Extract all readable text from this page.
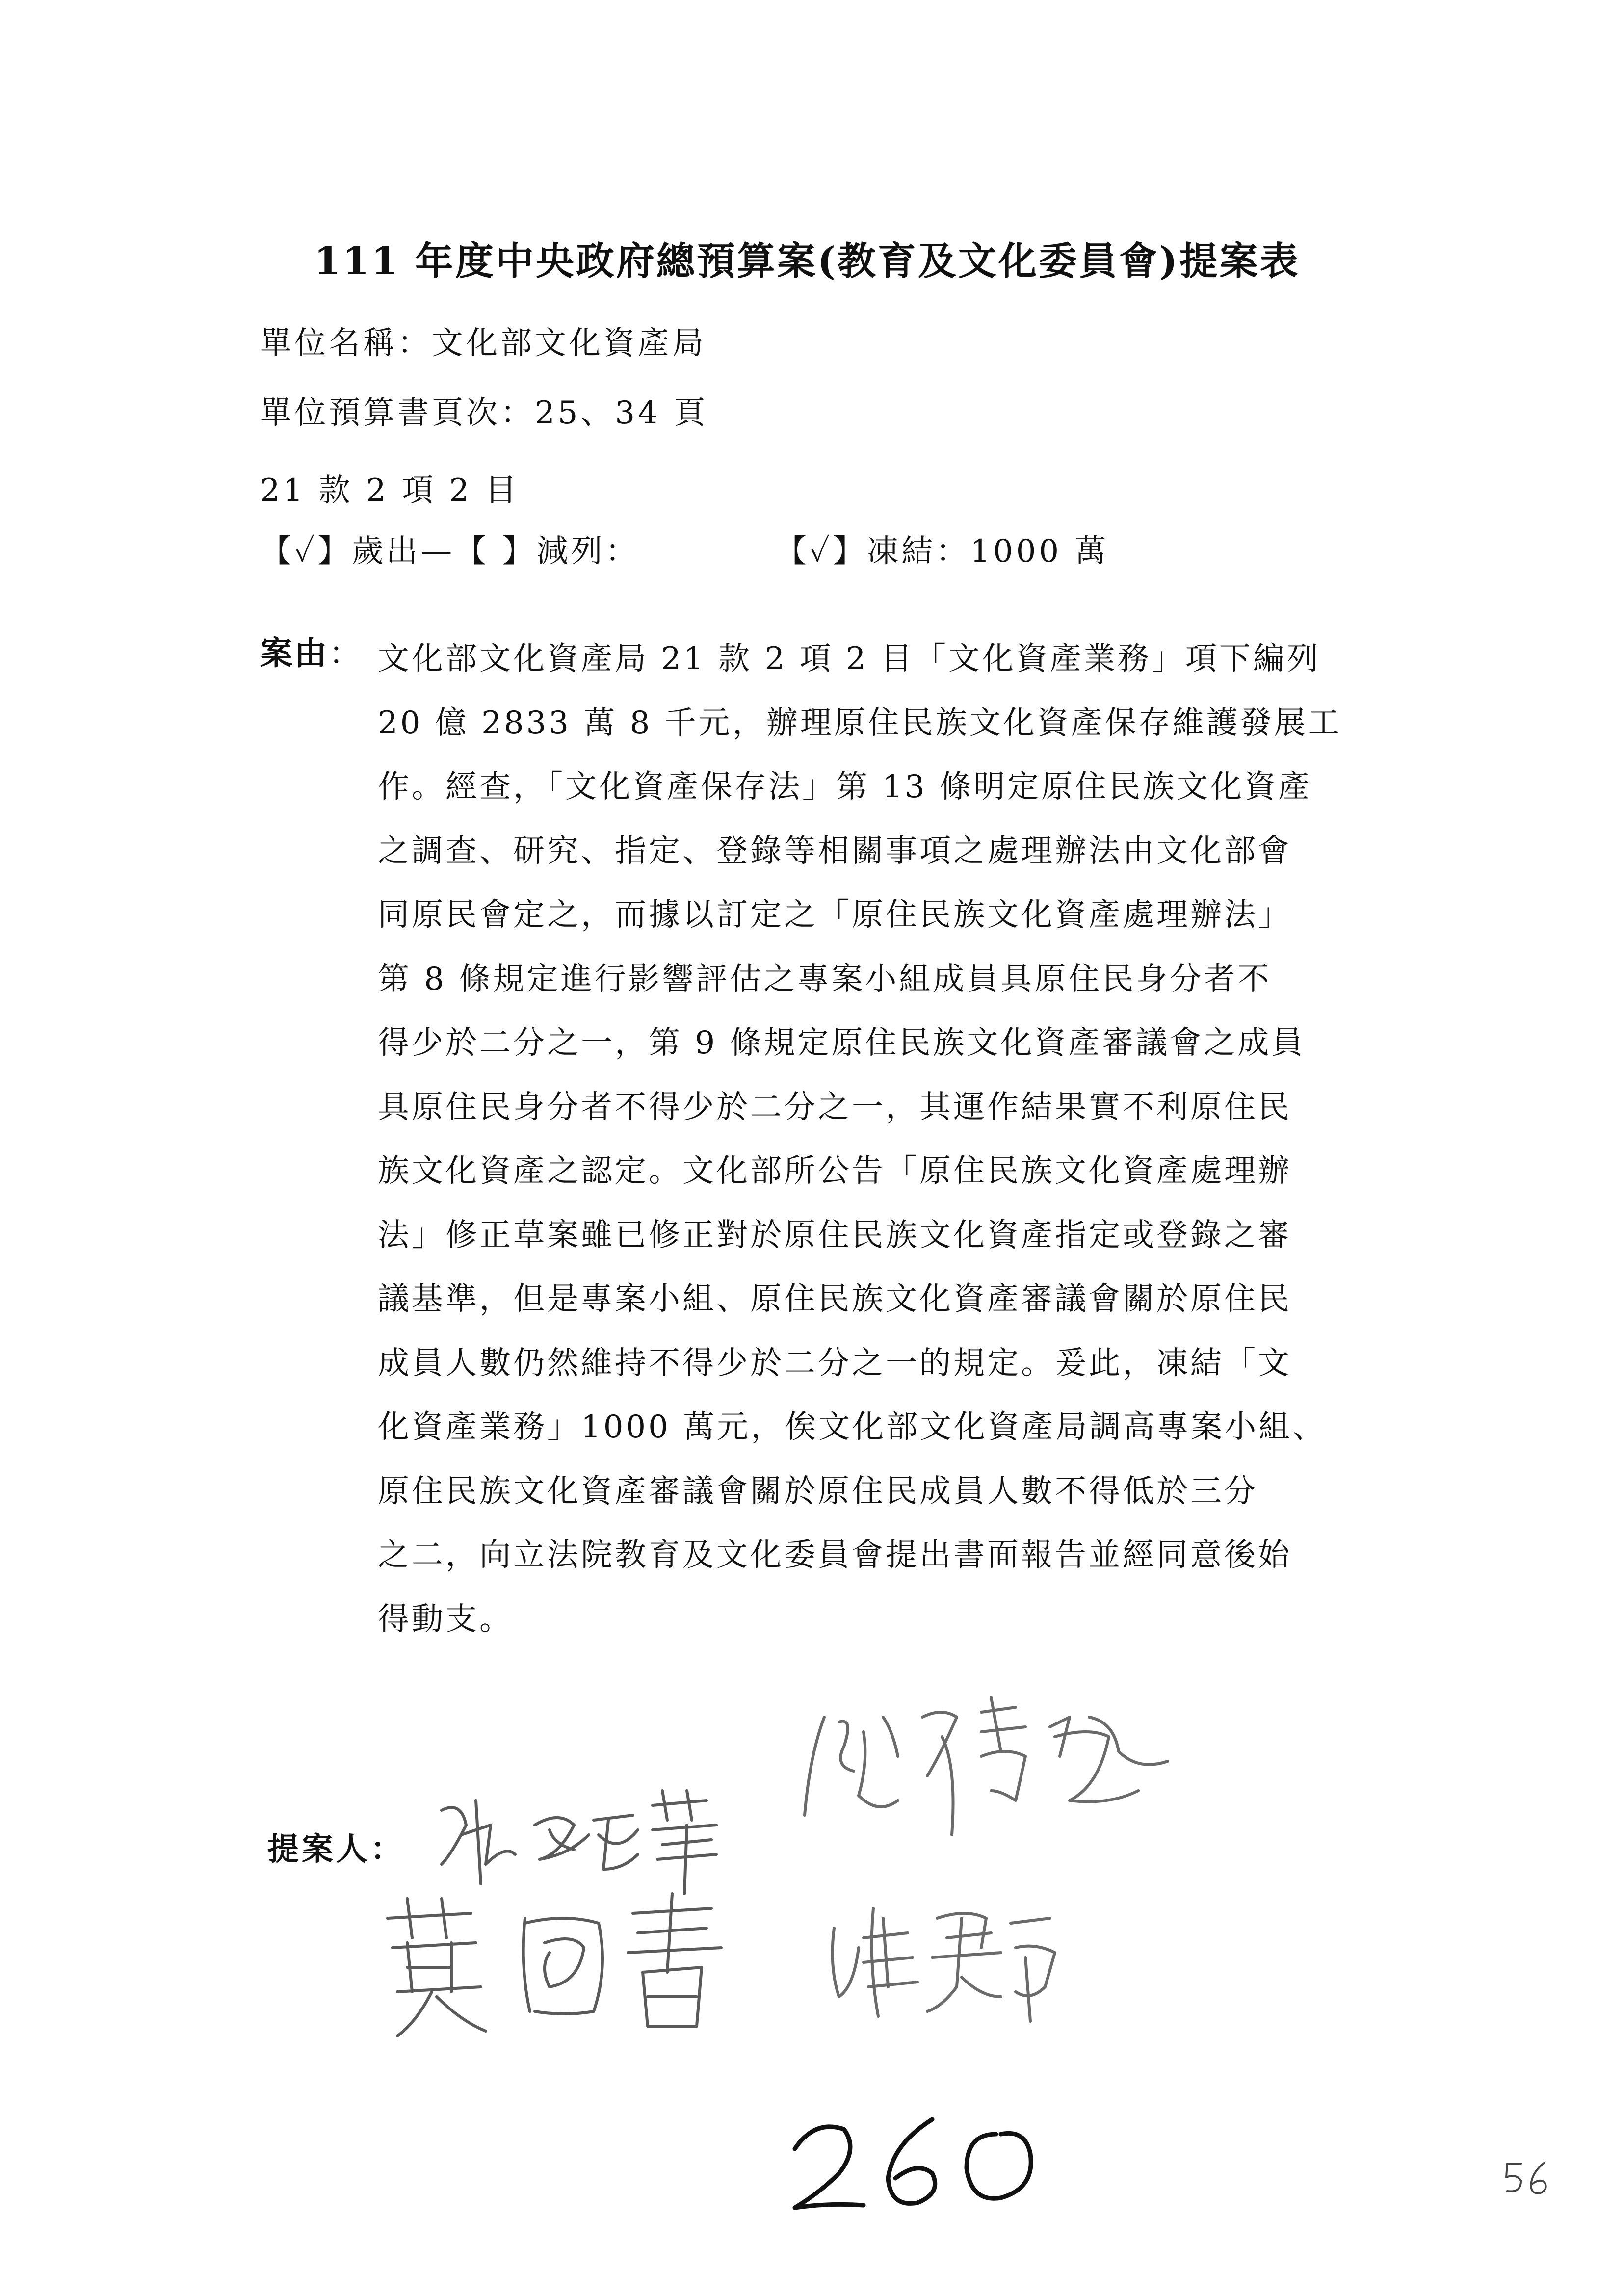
111 年度中央政府總預算案(教育及文化委員會)提案表
單位名稱：文化部文化資產局
單位預算書頁次：25、34 頁
21 款 2 項 2 目
【✓】歲出—【 】減列：	【✓】凍結：1000 萬
案由： 文化部文化資產局 21 款 2 項 2 目「文化資產業務」項下編列
20 億 2833 萬 8 千元，辦理原住民族文化資產保存維護發展工
作。經查，「文化資產保存法」第 13 條明定原住民族文化資產
之調查、研究、指定、登錄等相關事項之處理辦法由文化部會
同原民會定之，而據以訂定之「原住民族文化資產處理辦法」
第 8 條規定進行影響評估之專案小組成員具原住民身分者不
得少於二分之一，第 9 條規定原住民族文化資產審議會之成員
具原住民身分者不得少於二分之一，其運作結果實不利原住民
族文化資產之認定。文化部所公告「原住民族文化資產處理辦
法」修正草案雖已修正對於原住民族文化資產指定或登錄之審
議基準，但是專案小組、原住民族文化資產審議會關於原住民
成員人數仍然維持不得少於二分之一的規定。爰此，凍結「文
化資產業務」1000 萬元，俟文化部文化資產局調高專案小組、
原住民族文化資產審議會關於原住民成員人數不得低於三分
之二，向立法院教育及文化委員會提出書面報告並經同意後始
得動支。
提案人：
